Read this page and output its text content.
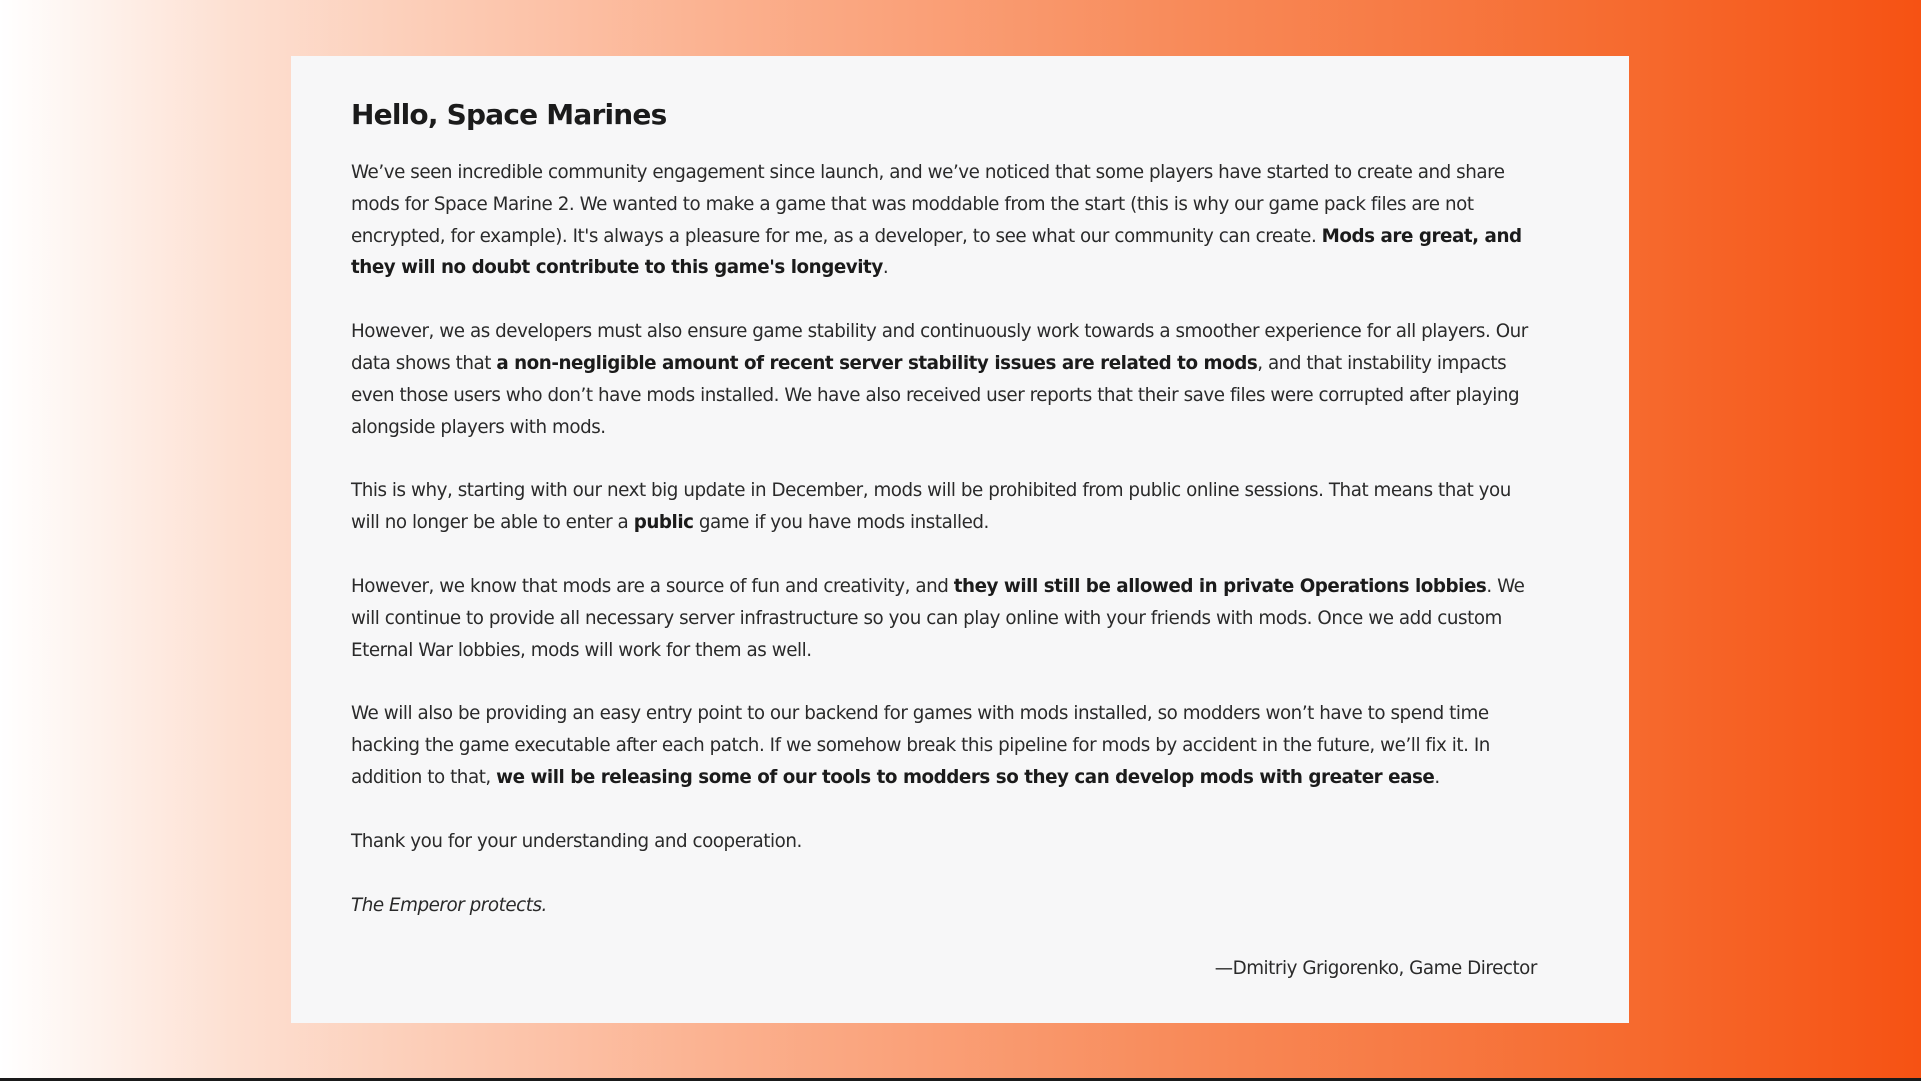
Hello, Space Marines

We’ve seen incredible community engagement since launch, and we’ve noticed that some players have started to create and share mods for Space Marine 2. We wanted to make a game that was moddable from the start (this is why our game pack files are not encrypted, for example). It's always a pleasure for me, as a developer, to see what our community can create. Mods are great, and they will no doubt contribute to this game's longevity.

However, we as developers must also ensure game stability and continuously work towards a smoother experience for all players. Our data shows that a non-negligible amount of recent server stability issues are related to mods, and that instability impacts even those users who don’t have mods installed. We have also received user reports that their save files were corrupted after playing alongside players with mods.

This is why, starting with our next big update in December, mods will be prohibited from public online sessions. That means that you will no longer be able to enter a public game if you have mods installed.

However, we know that mods are a source of fun and creativity, and they will still be allowed in private Operations lobbies. We will continue to provide all necessary server infrastructure so you can play online with your friends with mods. Once we add custom Eternal War lobbies, mods will work for them as well.

We will also be providing an easy entry point to our backend for games with mods installed, so modders won’t have to spend time hacking the game executable after each patch. If we somehow break this pipeline for mods by accident in the future, we’ll fix it. In addition to that, we will be releasing some of our tools to modders so they can develop mods with greater ease.

Thank you for your understanding and cooperation.

The Emperor protects.

—Dmitriy Grigorenko, Game Director
